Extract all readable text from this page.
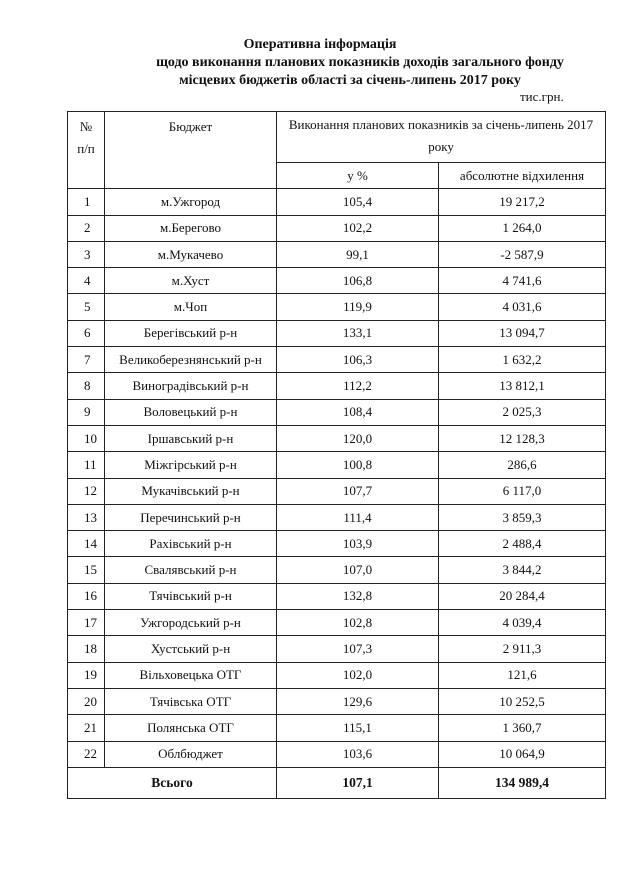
Оперативна інформація
щодо виконання планових показників доходів загального фонду
місцевих бюджетів області за січень-липень 2017 року
тис.грн.
№ п/п	Бюджет	Виконання планових показників за січень-липень 2017 року	
		у %	абсолютне відхилення
1	м.Ужгород	105,4	19 217,2
2	м.Берегово	102,2	1 264,0
3	м.Мукачево	99,1	-2 587,9
4	м.Хуст	106,8	4 741,6
5	м.Чоп	119,9	4 031,6
6	Берегівський р-н	133,1	13 094,7
7	Великоберезнянський р-н	106,3	1 632,2
8	Виноградівський р-н	112,2	13 812,1
9	Воловецький р-н	108,4	2 025,3
10	Іршавський р-н	120,0	12 128,3
11	Міжгірський р-н	100,8	286,6
12	Мукачівський р-н	107,7	6 117,0
13	Перечинський р-н	111,4	3 859,3
14	Рахівський р-н	103,9	2 488,4
15	Свалявський р-н	107,0	3 844,2
16	Тячівський р-н	132,8	20 284,4
17	Ужгородський р-н	102,8	4 039,4
18	Хустський р-н	107,3	2 911,3
19	Вільховецька ОТГ	102,0	121,6
20	Тячівська ОТГ	129,6	10 252,5
21	Полянська ОТГ	115,1	1 360,7
22	Облбюджет	103,6	10 064,9
Всього		107,1	134 989,4
